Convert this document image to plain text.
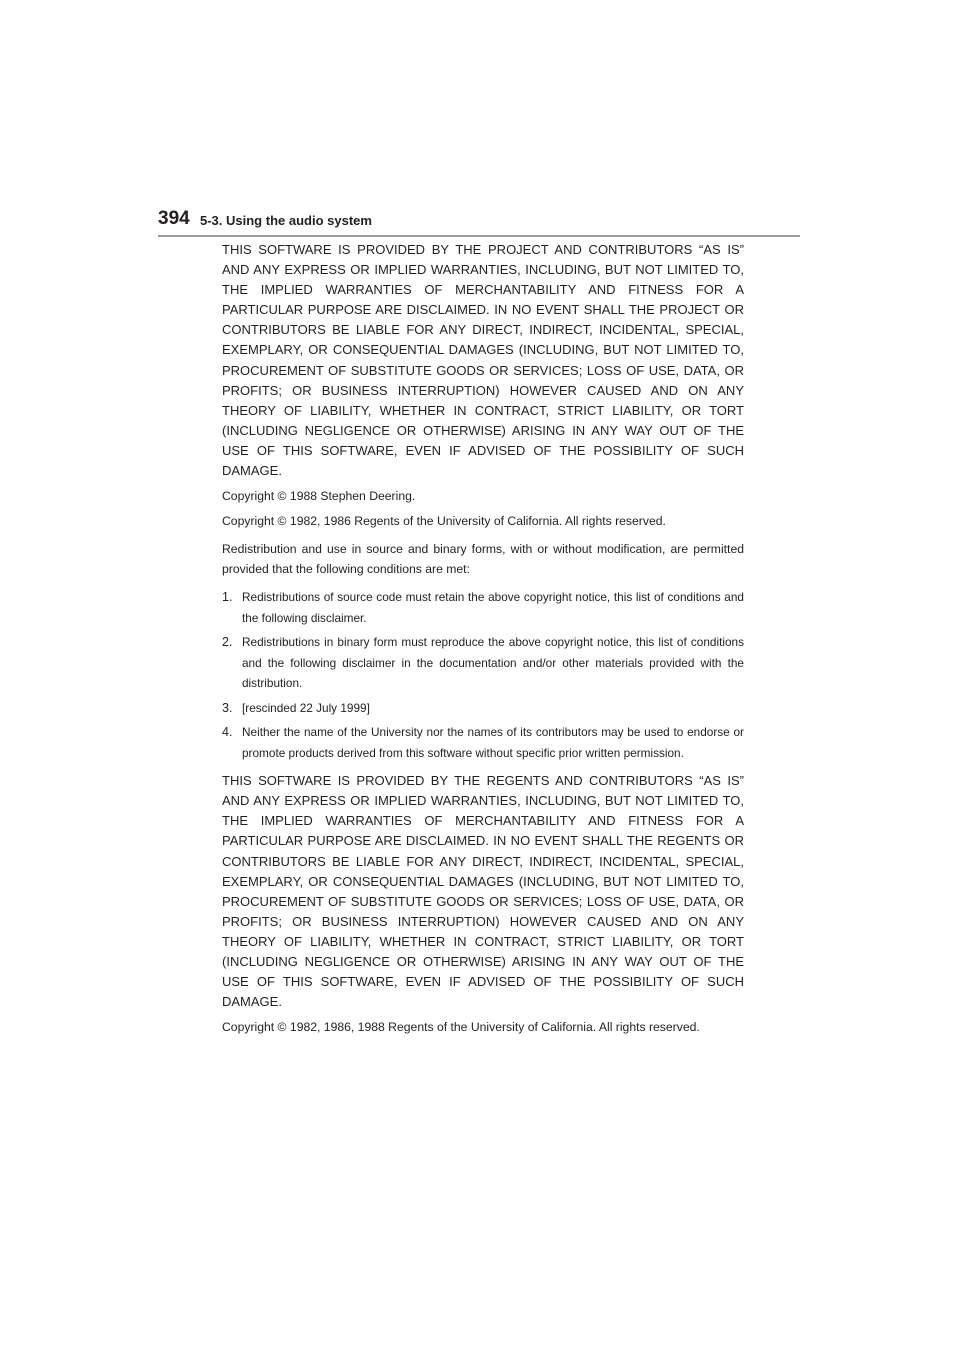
394 5-3. Using the audio system

THIS SOFTWARE IS PROVIDED BY THE PROJECT AND CONTRIBUTORS “AS IS” AND ANY EXPRESS OR IMPLIED WARRANTIES, INCLUDING, BUT NOT LIMITED TO, THE IMPLIED WARRANTIES OF MERCHANTABILITY AND FITNESS FOR A PARTICULAR PURPOSE ARE DISCLAIMED. IN NO EVENT SHALL THE PROJECT OR CONTRIBUTORS BE LIABLE FOR ANY DIRECT, INDIRECT, INCIDENTAL, SPECIAL, EXEMPLARY, OR CONSEQUENTIAL DAMAGES (INCLUDING, BUT NOT LIMITED TO, PROCUREMENT OF SUBSTITUTE GOODS OR SERVICES; LOSS OF USE, DATA, OR PROFITS; OR BUSINESS INTERRUPTION) HOWEVER CAUSED AND ON ANY THEORY OF LIABILITY, WHETHER IN CONTRACT, STRICT LIABILITY, OR TORT (INCLUDING NEGLIGENCE OR OTHERWISE) ARISING IN ANY WAY OUT OF THE USE OF THIS SOFTWARE, EVEN IF ADVISED OF THE POSSIBILITY OF SUCH DAMAGE.

Copyright © 1988 Stephen Deering.

Copyright © 1982, 1986 Regents of the University of California. All rights reserved.

Redistribution and use in source and binary forms, with or without modification, are permitted provided that the following conditions are met:

1. Redistributions of source code must retain the above copyright notice, this list of conditions and the following disclaimer.
2. Redistributions in binary form must reproduce the above copyright notice, this list of conditions and the following disclaimer in the documentation and/or other materials provided with the distribution.
3. [rescinded 22 July 1999]
4. Neither the name of the University nor the names of its contributors may be used to endorse or promote products derived from this software without specific prior written permission.

THIS SOFTWARE IS PROVIDED BY THE REGENTS AND CONTRIBUTORS “AS IS” AND ANY EXPRESS OR IMPLIED WARRANTIES, INCLUDING, BUT NOT LIMITED TO, THE IMPLIED WARRANTIES OF MERCHANTABILITY AND FITNESS FOR A PARTICULAR PURPOSE ARE DISCLAIMED. IN NO EVENT SHALL THE REGENTS OR CONTRIBUTORS BE LIABLE FOR ANY DIRECT, INDIRECT, INCIDENTAL, SPECIAL, EXEMPLARY, OR CONSEQUENTIAL DAMAGES (INCLUDING, BUT NOT LIMITED TO, PROCUREMENT OF SUBSTITUTE GOODS OR SERVICES; LOSS OF USE, DATA, OR PROFITS; OR BUSINESS INTERRUPTION) HOWEVER CAUSED AND ON ANY THEORY OF LIABILITY, WHETHER IN CONTRACT, STRICT LIABILITY, OR TORT (INCLUDING NEGLIGENCE OR OTHERWISE) ARISING IN ANY WAY OUT OF THE USE OF THIS SOFTWARE, EVEN IF ADVISED OF THE POSSIBILITY OF SUCH DAMAGE.

Copyright © 1982, 1986, 1988 Regents of the University of California. All rights reserved.
